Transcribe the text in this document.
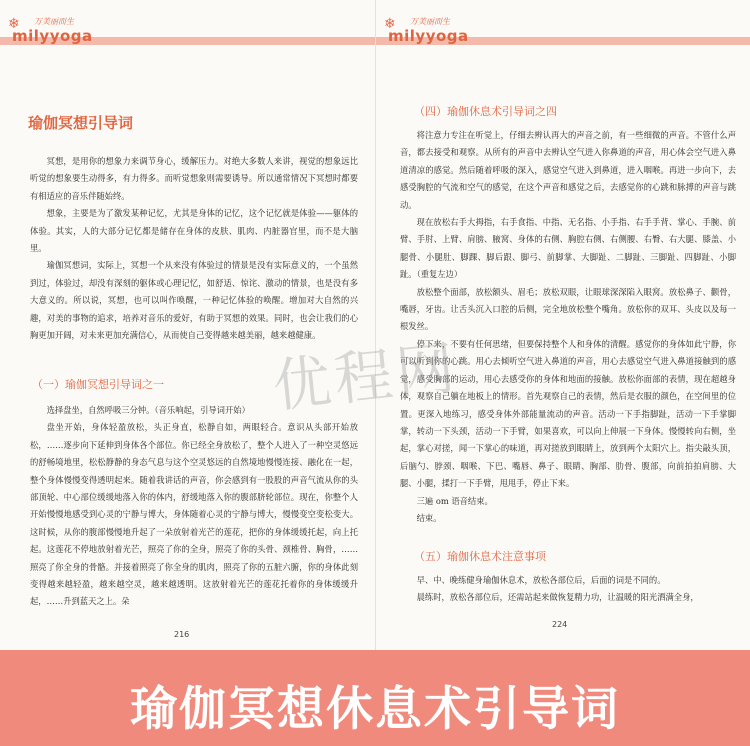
❄	万美丽而生
milyyoga
瑜伽冥想引导词

冥想，是用你的想象力来调节身心，缓解压力。对绝大多数人来讲，视觉的想象远比听觉的想象要生动得多，有力得多。而听觉想象则需要诱导。所以通常情况下冥想时都要有相适应的音乐伴随始终。

想象，主要是为了激发某种记忆，尤其是身体的记忆，这个记忆就是体验——躯体的体验。其实，人的大部分记忆都是储存在身体的皮肤、肌肉、内脏器官里，而不是大脑里。

瑜伽冥想词，实际上，冥想一个从来没有体验过的情景是没有实际意义的，一个虽然到过，体验过，却没有深刻的躯体或心理记忆，如舒适、惊诧、激动的情景，也是没有多大意义的。所以说，冥想，也可以叫作唤醒，一种记忆体验的唤醒。增加对大自然的兴趣，对美的事物的追求，培养对音乐的爱好，有助于冥想的效果。同时，也会让我们的心胸更加开阔，对未来更加充满信心，从而使自己变得越来越美丽，越来越健康。

（一）瑜伽冥想引导词之一

选择盘坐，自然呼吸三分钟。（音乐响起，引导词开始）

盘坐开始，身体轻盈放松，头正身直，松静自如，两眼轻合。意识从头部开始放松，……逐步向下延伸到身体各个部位。你已经全身放松了，整个人进入了一种空灵悠远的舒畅境地里，松松静静的身态气息与这个空灵悠远的自然境地慢慢连接、融化在一起，整个身体慢慢变得透明起来。随着我讲话的声音，你会感到有一股股的声音气流从你的头部顶轮、中心部位缓缓地落入你的体内，舒缓地落入你的腹部脐轮部位。现在，你整个人开始慢慢地感受到心灵的宁静与博大，身体随着心灵的宁静与博大，慢慢变空变松变大。这时候，从你的腹部慢慢地升起了一朵放射着光芒的莲花，把你的身体缓缓托起，向上托起。这莲花不停地放射着光芒，照亮了你的全身，照亮了你的头骨、颈椎骨、胸骨，……照亮了你全身的骨骼。并接着照亮了你全身的肌肉，照亮了你的五脏六腑，你的身体此刻变得越来越轻盈，越来越空灵，越来越透明。这放射着光芒的莲花托着你的身体缓缓升起，……升到蓝天之上。朵

216
❄	万美丽而生
milyyoga
（四）瑜伽休息术引导词之四

将注意力专注在听觉上，仔细去辨认再大的声音之前，有一些细微的声音。不管什么声音，都去接受和观察。从所有的声音中去辨认空气进入你鼻道的声音，用心体会空气进入鼻道清凉的感觉。然后随着呼吸的深入，感觉空气进入到鼻道，进入咽喉。再进一步向下，去感受胸腔的气流和空气的感觉，在这个声音和感觉之后，去感觉你的心跳和脉搏的声音与跳动。

现在放松右手大拇指，右手食指、中指、无名指、小手指、右手手背、掌心、手腕、前臂、手肘、上臂、肩膀、腋窝、身体的右侧、胸腔右侧、右侧腰、右臀、右大腿、膝盖、小腿骨、小腿肚、脚踝、脚后跟、脚弓、前脚掌、大脚趾、二脚趾、三脚趾、四脚趾、小脚趾。（重复左边）

放松整个面部，放松额头、眉毛；放松双眼，让眼球深深陷入眼窝。放松鼻子、颧骨，嘴唇，牙齿。让舌头沉入口腔的后侧，完全地放松整个嘴角。放松你的双耳、头皮以及每一根发丝。

停下来，不要有任何思绪，但要保持整个人和身体的清醒。感觉你的身体如此宁静，你可以听到你的心跳。用心去倾听空气进入鼻道的声音，用心去感觉空气进入鼻道接触到的感觉，感受胸部的运动，用心去感受你的身体和地面的接触。放松你面部的表情，现在超越身体，观察自己躺在地板上的情形。首先观察自己的表情，然后是衣服的颜色，在空间里的位置。更深入地练习，感受身体外部能量流动的声音。活动一下手指脚趾，活动一下手掌脚掌，转动一下头颈，活动一下手臂，如果喜欢，可以向上伸展一下身体。慢慢转向右侧，坐起，掌心对搓，闻一下掌心的味道，再对搓放到眼睛上，放到两个太阳穴上。指尖敲头顶，后脑勺、脖颈、咽喉、下巴、嘴唇、鼻子、眼睛、胸部、肋骨、腹部，向前拍拍肩膀、大腿、小腿，揉打一下手臂，甩甩手，停止下来。

三遍 om 语音结束。

结束。

（五）瑜伽休息术注意事项

早、中、晚练健身瑜伽休息术，放松各部位后，后面的词是不同的。

晨练时，放松各部位后，还需站起来做恢复精力功，让温暖的阳光洒满全身，

224
优程网
瑜伽冥想休息术引导词
